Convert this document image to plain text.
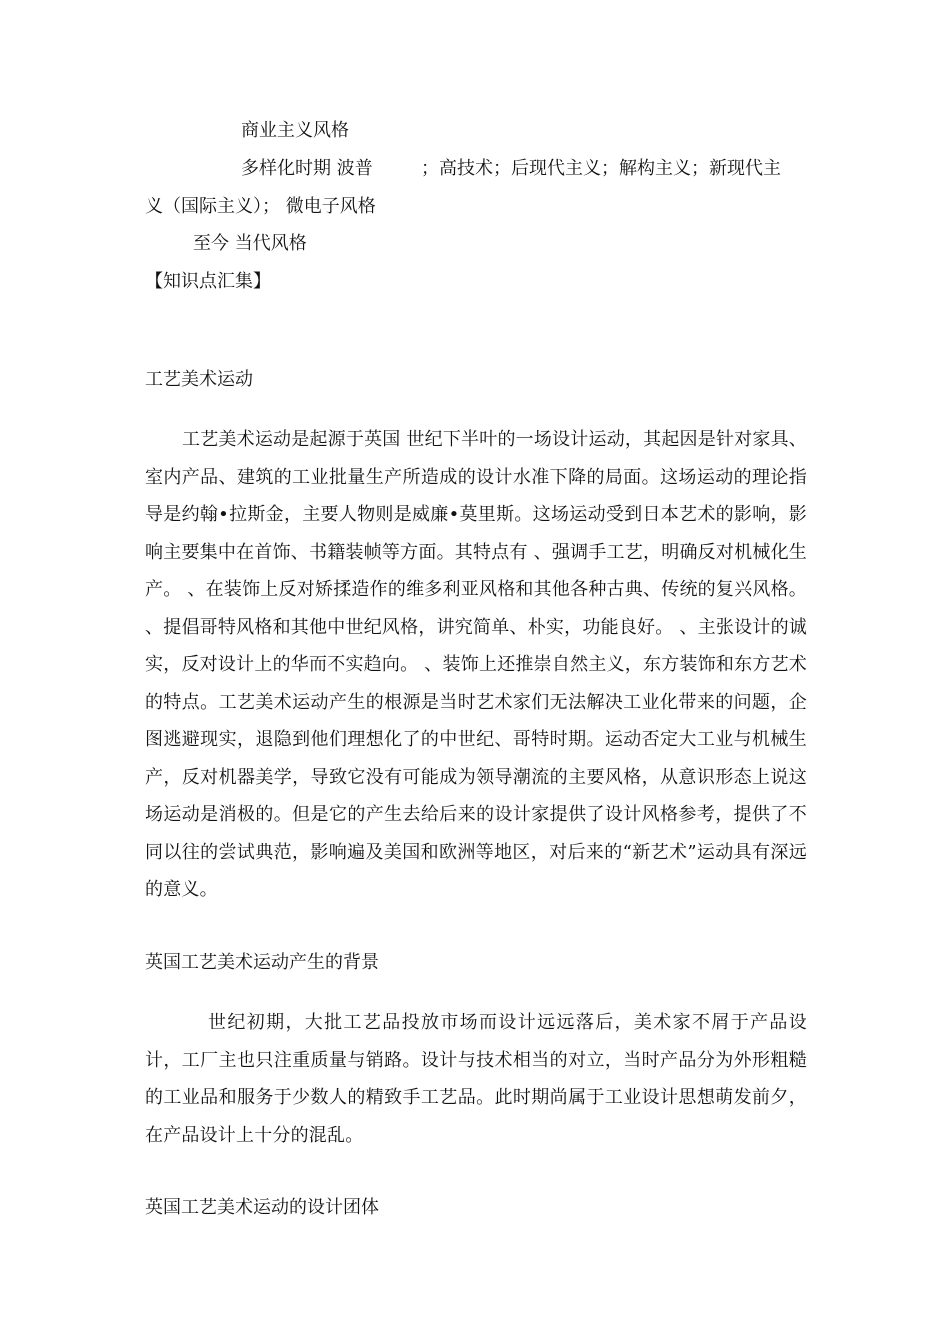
商业主义风格
多样化时期 波普	；高技术；后现代主义；解构主义；新现代主
义（国际主义）； 微电子风格
至今 当代风格
【知识点汇集】
工艺美术运动
工艺美术运动是起源于英国 世纪下半叶的一场设计运动，其起因是针对家具、室内产品、建筑的工业批量生产所造成的设计水准下降的局面。这场运动的理论指导是约翰•拉斯金，主要人物则是威廉•莫里斯。这场运动受到日本艺术的影响，影响主要集中在首饰、书籍装帧等方面。其特点有 、强调手工艺，明确反对机械化生产。 、在装饰上反对矫揉造作的维多利亚风格和其他各种古典、传统的复兴风格。 、提倡哥特风格和其他中世纪风格，讲究简单、朴实，功能良好。 、主张设计的诚实，反对设计上的华而不实趋向。 、装饰上还推崇自然主义，东方装饰和东方艺术的特点。工艺美术运动产生的根源是当时艺术家们无法解决工业化带来的问题，企图逃避现实，退隐到他们理想化了的中世纪、哥特时期。运动否定大工业与机械生产，反对机器美学，导致它没有可能成为领导潮流的主要风格，从意识形态上说这场运动是消极的。但是它的产生去给后来的设计家提供了设计风格参考，提供了不同以往的尝试典范，影响遍及美国和欧洲等地区，对后来的“新艺术”运动具有深远的意义。
英国工艺美术运动产生的背景
世纪初期，大批工艺品投放市场而设计远远落后，美术家不屑于产品设计，工厂主也只注重质量与销路。设计与技术相当的对立，当时产品分为外形粗糙的工业品和服务于少数人的精致手工艺品。此时期尚属于工业设计思想萌发前夕，在产品设计上十分的混乱。
英国工艺美术运动的设计团体
